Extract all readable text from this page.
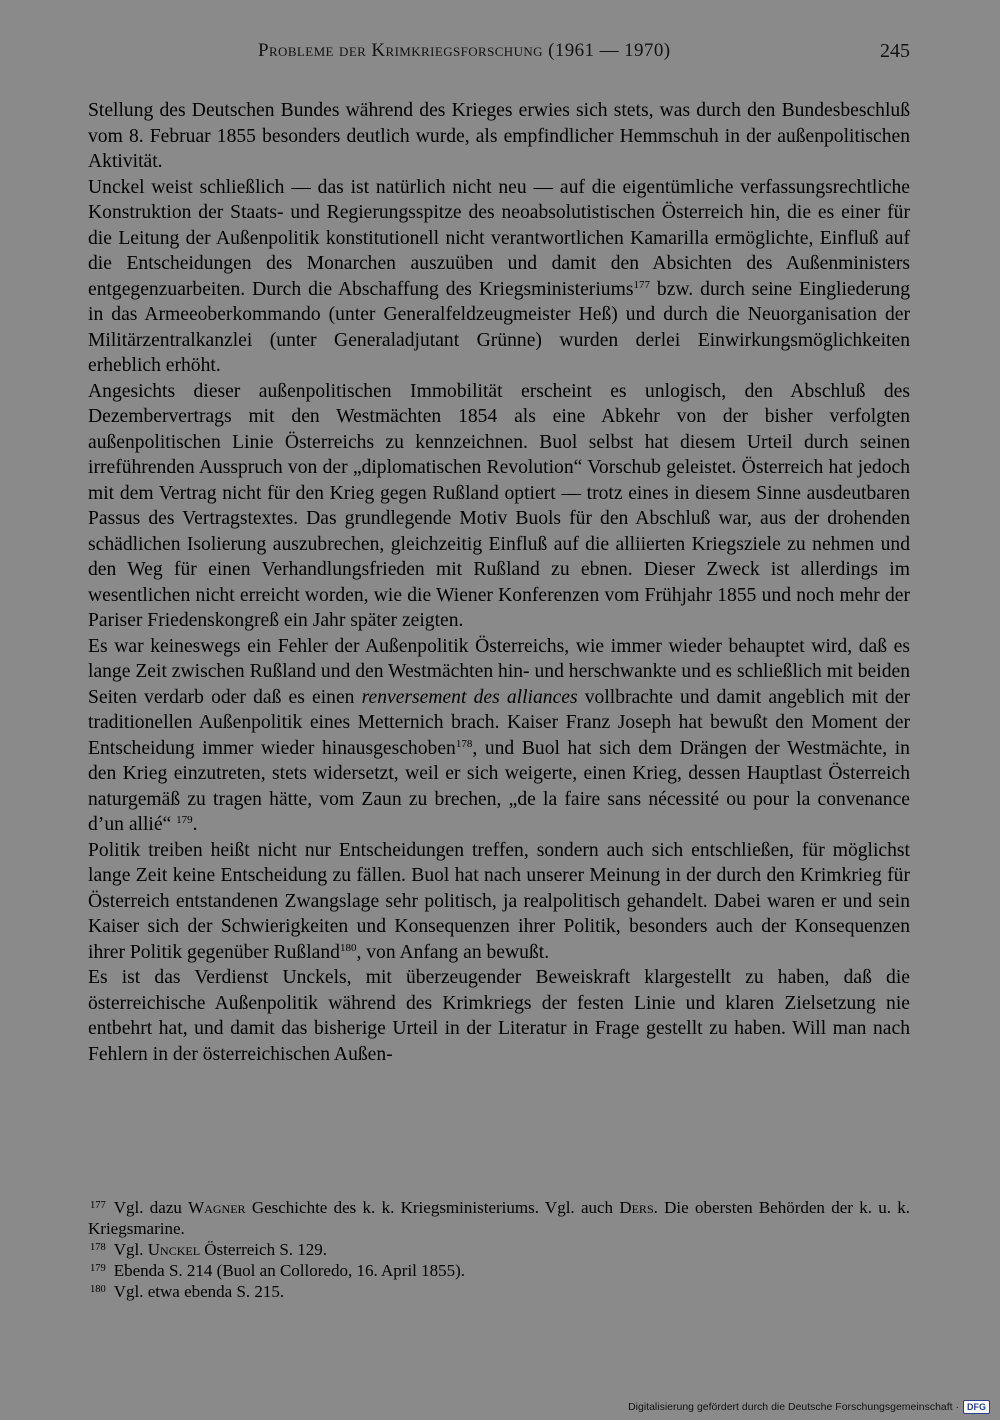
Probleme der Krimkriegsforschung (1961 — 1970)	245

Stellung des Deutschen Bundes während des Krieges erwies sich stets, was durch den Bundesbeschluß vom 8. Februar 1855 besonders deutlich wurde, als empfindlicher Hemmschuh in der außenpolitischen Aktivität.

Unckel weist schließlich — das ist natürlich nicht neu — auf die eigentümliche verfassungsrechtliche Konstruktion der Staats- und Regierungsspitze des neoabsolutistischen Österreich hin, die es einer für die Leitung der Außenpolitik konstitutionell nicht verantwortlichen Kamarilla ermöglichte, Einfluß auf die Entscheidungen des Monarchen auszuüben und damit den Absichten des Außenministers entgegenzuarbeiten. Durch die Abschaffung des Kriegsministeriums$^{177}$ bzw. durch seine Eingliederung in das Armeeoberkommando (unter Generalfeldzeugmeister Heß) und durch die Neuorganisation der Militärzentralkanzlei (unter Generaladjutant Grünne) wurden derlei Einwirkungsmöglichkeiten erheblich erhöht.

Angesichts dieser außenpolitischen Immobilität erscheint es unlogisch, den Abschluß des Dezembervertrags mit den Westmächten 1854 als eine Abkehr von der bisher verfolgten außenpolitischen Linie Österreichs zu kennzeichnen. Buol selbst hat diesem Urteil durch seinen irreführenden Ausspruch von der „diplomatischen Revolution“ Vorschub geleistet. Österreich hat jedoch mit dem Vertrag nicht für den Krieg gegen Rußland optiert — trotz eines in diesem Sinne ausdeutbaren Passus des Vertragstextes. Das grundlegende Motiv Buols für den Abschluß war, aus der drohenden schädlichen Isolierung auszubrechen, gleichzeitig Einfluß auf die alliierten Kriegsziele zu nehmen und den Weg für einen Verhandlungsfrieden mit Rußland zu ebnen. Dieser Zweck ist allerdings im wesentlichen nicht erreicht worden, wie die Wiener Konferenzen vom Frühjahr 1855 und noch mehr der Pariser Friedenskongreß ein Jahr später zeigten.

Es war keineswegs ein Fehler der Außenpolitik Österreichs, wie immer wieder behauptet wird, daß es lange Zeit zwischen Rußland und den Westmächten hin- und herschwankte und es schließlich mit beiden Seiten verdarb oder daß es einen renversement des alliances vollbrachte und damit angeblich mit der traditionellen Außenpolitik eines Metternich brach. Kaiser Franz Joseph hat bewußt den Moment der Entscheidung immer wieder hinausgeschoben$^{178}$, und Buol hat sich dem Drängen der Westmächte, in den Krieg einzutreten, stets widersetzt, weil er sich weigerte, einen Krieg, dessen Hauptlast Österreich naturgemäß zu tragen hätte, vom Zaun zu brechen, „de la faire sans nécessité ou pour la convenance d’un allié“ $^{179}$.

Politik treiben heißt nicht nur Entscheidungen treffen, sondern auch sich entschließen, für möglichst lange Zeit keine Entscheidung zu fällen. Buol hat nach unserer Meinung in der durch den Krimkrieg für Österreich entstandenen Zwangslage sehr politisch, ja realpolitisch gehandelt. Dabei waren er und sein Kaiser sich der Schwierigkeiten und Konsequenzen ihrer Politik, besonders auch der Konsequenzen ihrer Politik gegenüber Rußland$^{180}$, von Anfang an bewußt.

Es ist das Verdienst Unckels, mit überzeugender Beweiskraft klargestellt zu haben, daß die österreichische Außenpolitik während des Krimkriegs der festen Linie und klaren Zielsetzung nie entbehrt hat, und damit das bisherige Urteil in der Literatur in Frage gestellt zu haben. Will man nach Fehlern in der österreichischen Außen-

$^{177}$ Vgl. dazu Wagner Geschichte des k. k. Kriegsministeriums. Vgl. auch Ders. Die obersten Behörden der k. u. k. Kriegsmarine.

$^{178}$ Vgl. Unckel Österreich S. 129.

$^{179}$ Ebenda S. 214 (Buol an Colloredo, 16. April 1855).

$^{180}$ Vgl. etwa ebenda S. 215.

Digitalisierung gefördert durch die Deutsche Forschungsgemeinschaft · DFG
